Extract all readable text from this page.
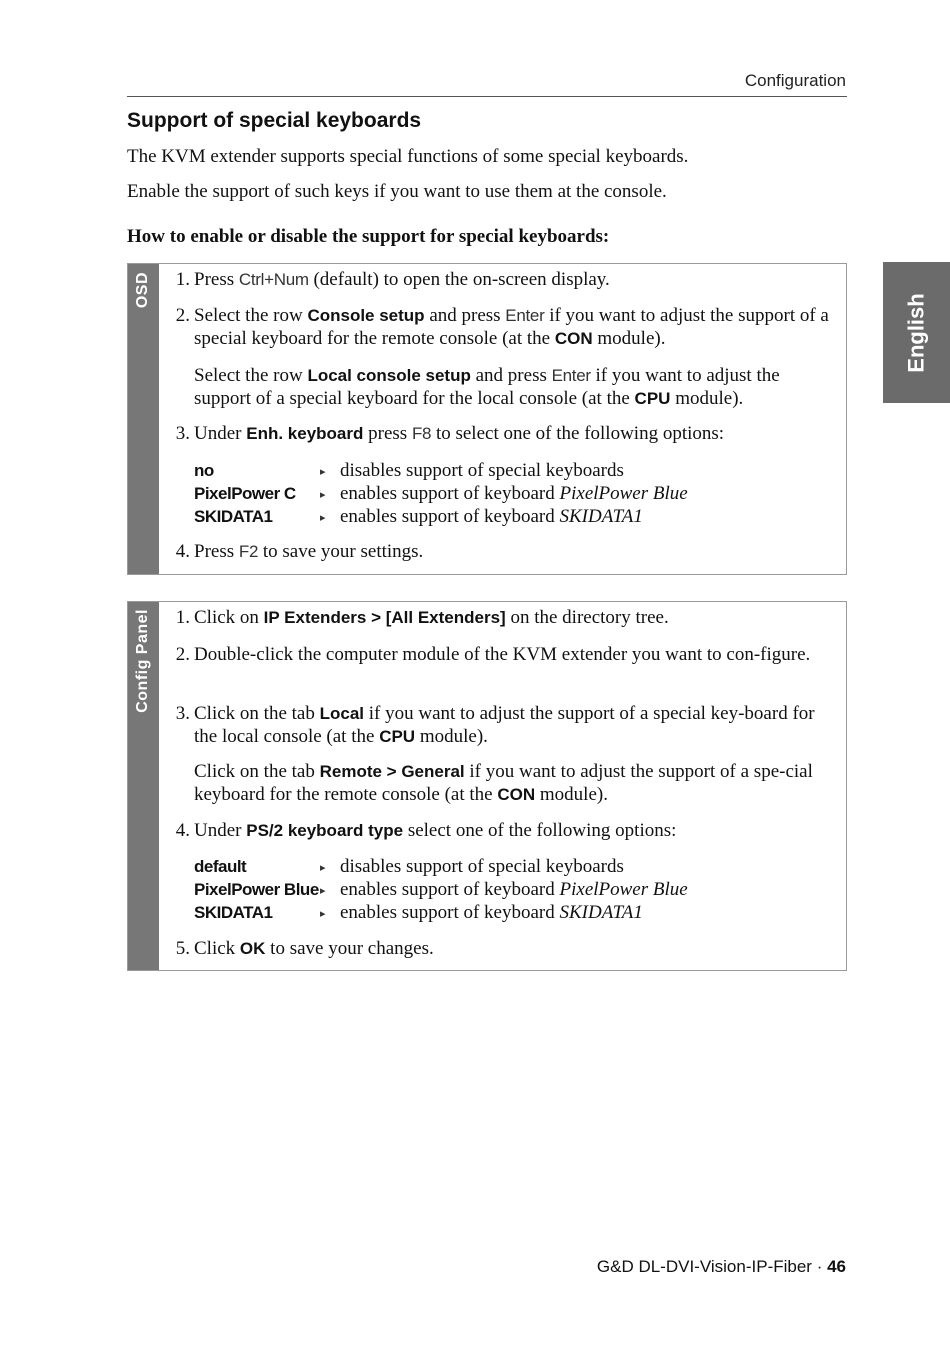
Configuration
English
Support of special keyboards

The KVM extender supports special functions of some special keyboards.

Enable the support of such keys if you want to use them at the console.

How to enable or disable the support for special keyboards:

OSD	1. Press Ctrl+Num (default) to open the on-screen display.
2. Select the row Console setup and press Enter if you want to adjust the support of a special keyboard for the remote console (at the CON module).
Select the row Local console setup and press Enter if you want to adjust the support of a special keyboard for the local console (at the CPU module).
3. Under Enh. keyboard press F8 to select one of the following options:
no	▸ disables support of special keyboards
PixelPower C ▸ enables support of keyboard PixelPower Blue
SKIDATA1	▸ enables support of keyboard SKIDATA1
4. Press F2 to save your settings.
Config Panel	1. Click on IP Extenders > [All Extenders] on the directory tree.
2. Double-click the computer module of the KVM extender you want to con-figure.
3. Click on the tab Local if you want to adjust the support of a special key-board for the local console (at the CPU module).
Click on the tab Remote > General if you want to adjust the support of a spe-cial keyboard for the remote console (at the CON module).
4. Under PS/2 keyboard type select one of the following options:
default	▸ disables support of special keyboards
PixelPower Blue ▸ enables support of keyboard PixelPower Blue
SKIDATA1	▸ enables support of keyboard SKIDATA1
5. Click OK to save your changes.
G&D DL-DVI-Vision-IP-Fiber · 46
